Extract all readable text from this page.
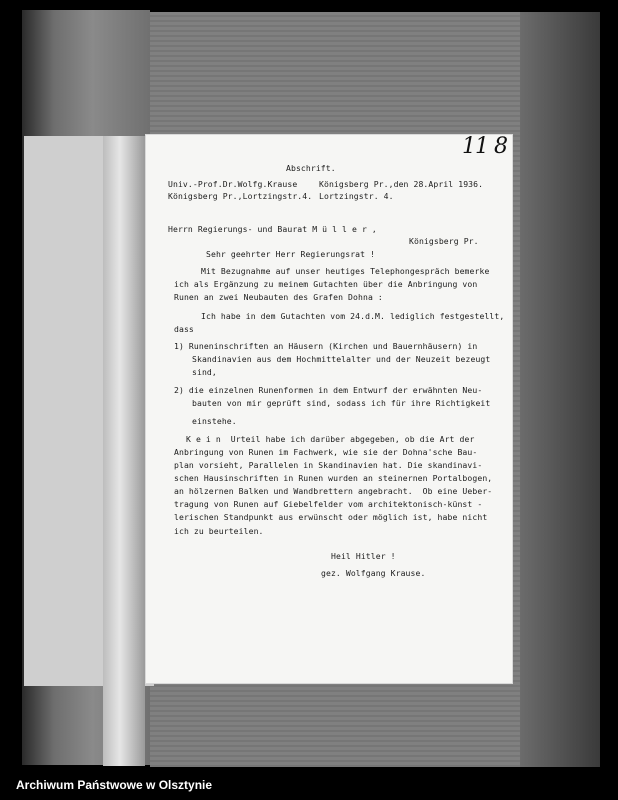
11 8
Abschrift.
Univ.-Prof.Dr.Wolfg.Krause
Königsberg Pr.,Lortzingstr.4.
Königsberg Pr.,den 28.April 1936.
Lortzingstr. 4.
Herrn Regierungs- und Baurat M ü l l e r ,
Königsberg Pr.
Sehr geehrter Herr Regierungsrat !
Mit Bezugnahme auf unser heutiges Telephongespräch bemerke
ich als Ergänzung zu meinem Gutachten über die Anbringung von
Runen an zwei Neubauten des Grafen Dohna :
Ich habe in dem Gutachten vom 24.d.M. lediglich festgestellt,
dass
1) Runeninschriften an Häusern (Kirchen und Bauernhäusern) in
Skandinavien aus dem Hochmittelalter und der Neuzeit bezeugt
sind,
2) die einzelnen Runenformen in dem Entwurf der erwähnten Neu-
bauten von mir geprüft sind, sodass ich für ihre Richtigkeit
einstehe.
K e i n  Urteil habe ich darüber abgegeben, ob die Art der
Anbringung von Runen im Fachwerk, wie sie der Dohna'sche Bau-
plan vorsieht, Parallelen in Skandinavien hat. Die skandinavi-
schen Hausinschriften in Runen wurden an steinernen Portalbogen,
an hölzernen Balken und Wandbrettern angebracht.  Ob eine Ueber-
tragung von Runen auf Giebelfelder vom architektonisch-künst -
lerischen Standpunkt aus erwünscht oder möglich ist, habe nicht
ich zu beurteilen.
Heil Hitler !
gez. Wolfgang Krause.
Archiwum Państwowe w Olsztynie
